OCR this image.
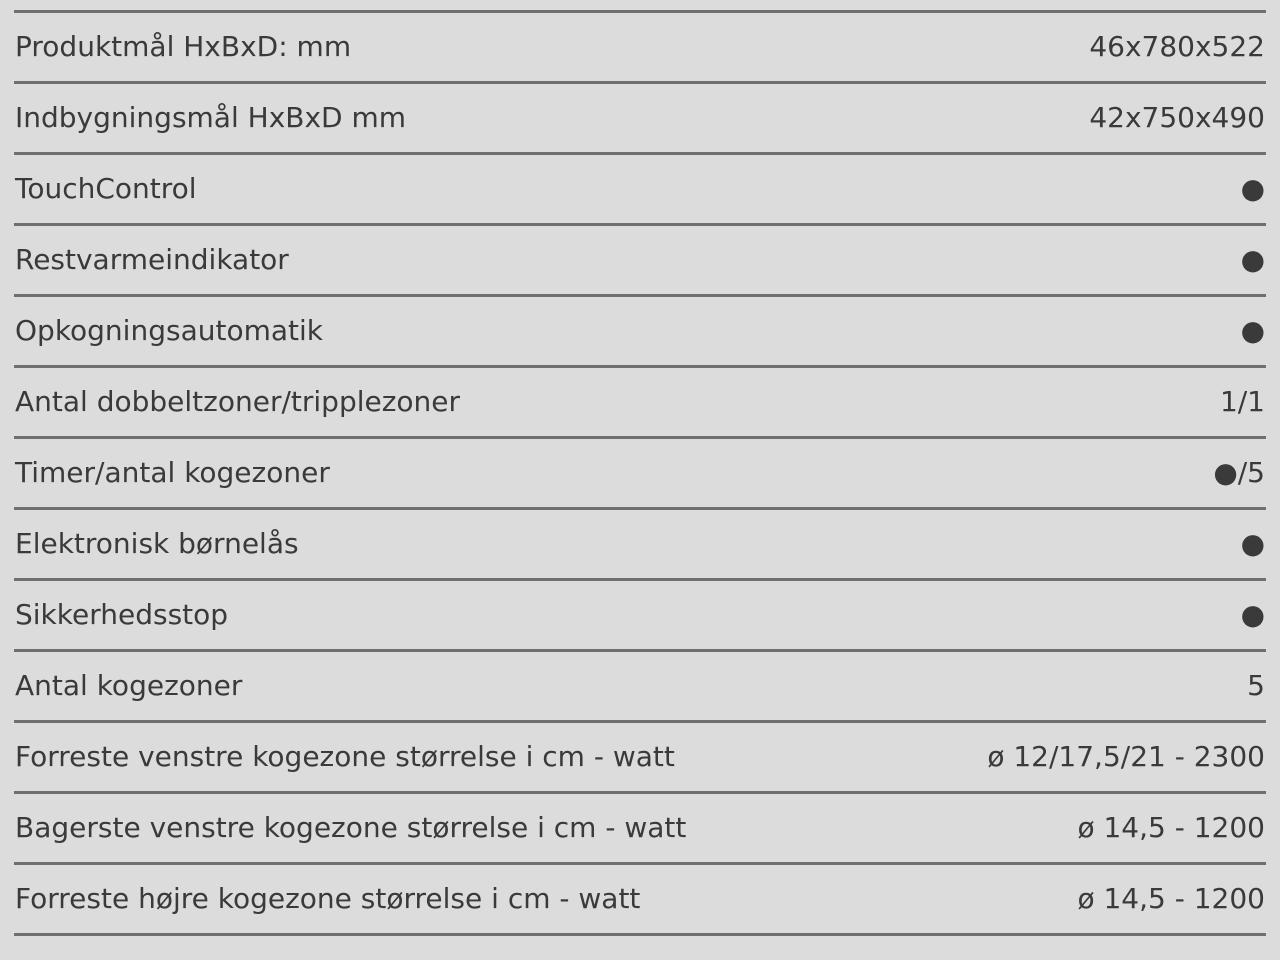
Produktmål HxBxD: mm	46x780x522
Indbygningsmål HxBxD mm	42x750x490
TouchControl	●
Restvarmeindikator	●
Opkogningsautomatik	●
Antal dobbeltzoner/tripplezoner	1/1
Timer/antal kogezoner	●/5
Elektronisk børnelås	●
Sikkerhedsstop	●
Antal kogezoner	5
Forreste venstre kogezone størrelse i cm - watt	ø 12/17,5/21 - 2300
Bagerste venstre kogezone størrelse i cm - watt	ø 14,5 - 1200
Forreste højre kogezone størrelse i cm - watt	ø 14,5 - 1200
